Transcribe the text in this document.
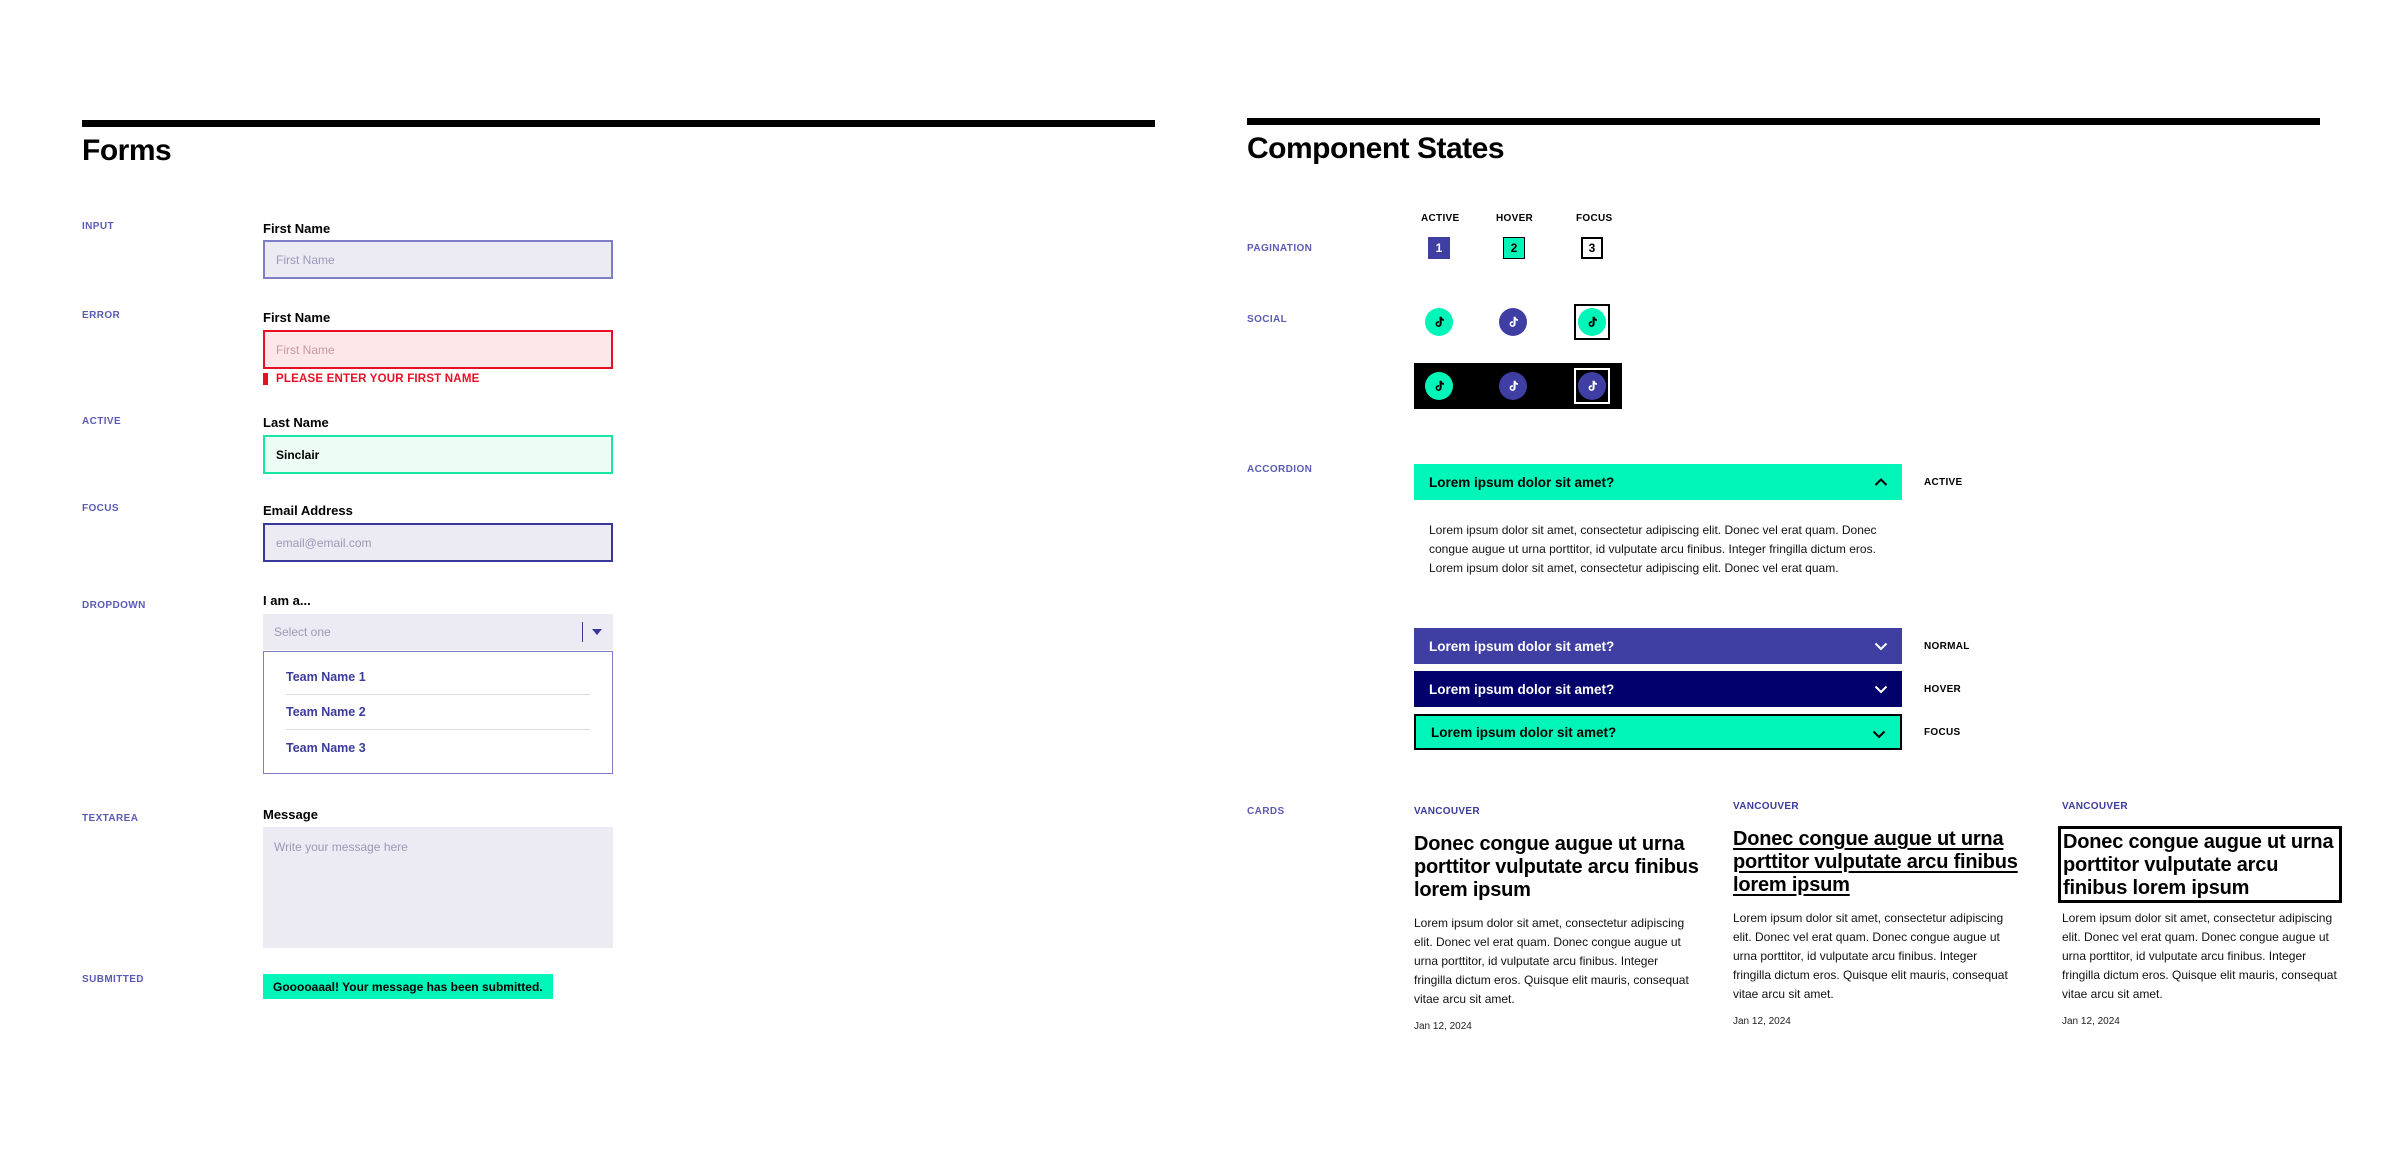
Forms
INPUT	First Name
First Name
ERROR	First Name
First Name
PLEASE ENTER YOUR FIRST NAME
ACTIVE	Last Name
Sinclair
FOCUS	Email Address
email@email.com
DROPDOWN	I am a...
Select one
Team Name 1
Team Name 2
Team Name 3
TEXTAREA	Message
Write your message here
SUBMITTED	Gooooaaal! Your message has been submitted.
Component States
ACTIVE	HOVER	FOCUS
PAGINATION	1	2	3
SOCIAL
ACCORDION
Lorem ipsum dolor sit amet?	ACTIVE
Lorem ipsum dolor sit amet, consectetur adipiscing elit. Donec vel erat quam. Donec congue augue ut urna porttitor, id vulputate arcu finibus. Integer fringilla dictum eros. Lorem ipsum dolor sit amet, consectetur adipiscing elit. Donec vel erat quam.
Lorem ipsum dolor sit amet?	NORMAL
Lorem ipsum dolor sit amet?	HOVER
Lorem ipsum dolor sit amet?	FOCUS
CARDS	VANCOUVER
Donec congue augue ut urna porttitor vulputate arcu finibus lorem ipsum
Lorem ipsum dolor sit amet, consectetur adipiscing elit. Donec vel erat quam. Donec congue augue ut urna porttitor, id vulputate arcu finibus. Integer fringilla dictum eros. Quisque elit mauris, consequat vitae arcu sit amet.
Jan 12, 2024
VANCOUVER
Donec congue augue ut urna porttitor vulputate arcu finibus lorem ipsum
Lorem ipsum dolor sit amet, consectetur adipiscing elit. Donec vel erat quam. Donec congue augue ut urna porttitor, id vulputate arcu finibus. Integer fringilla dictum eros. Quisque elit mauris, consequat vitae arcu sit amet.
Jan 12, 2024
VANCOUVER
Donec congue augue ut urna porttitor vulputate arcu finibus lorem ipsum
Lorem ipsum dolor sit amet, consectetur adipiscing elit. Donec vel erat quam. Donec congue augue ut urna porttitor, id vulputate arcu finibus. Integer fringilla dictum eros. Quisque elit mauris, consequat vitae arcu sit amet.
Jan 12, 2024
